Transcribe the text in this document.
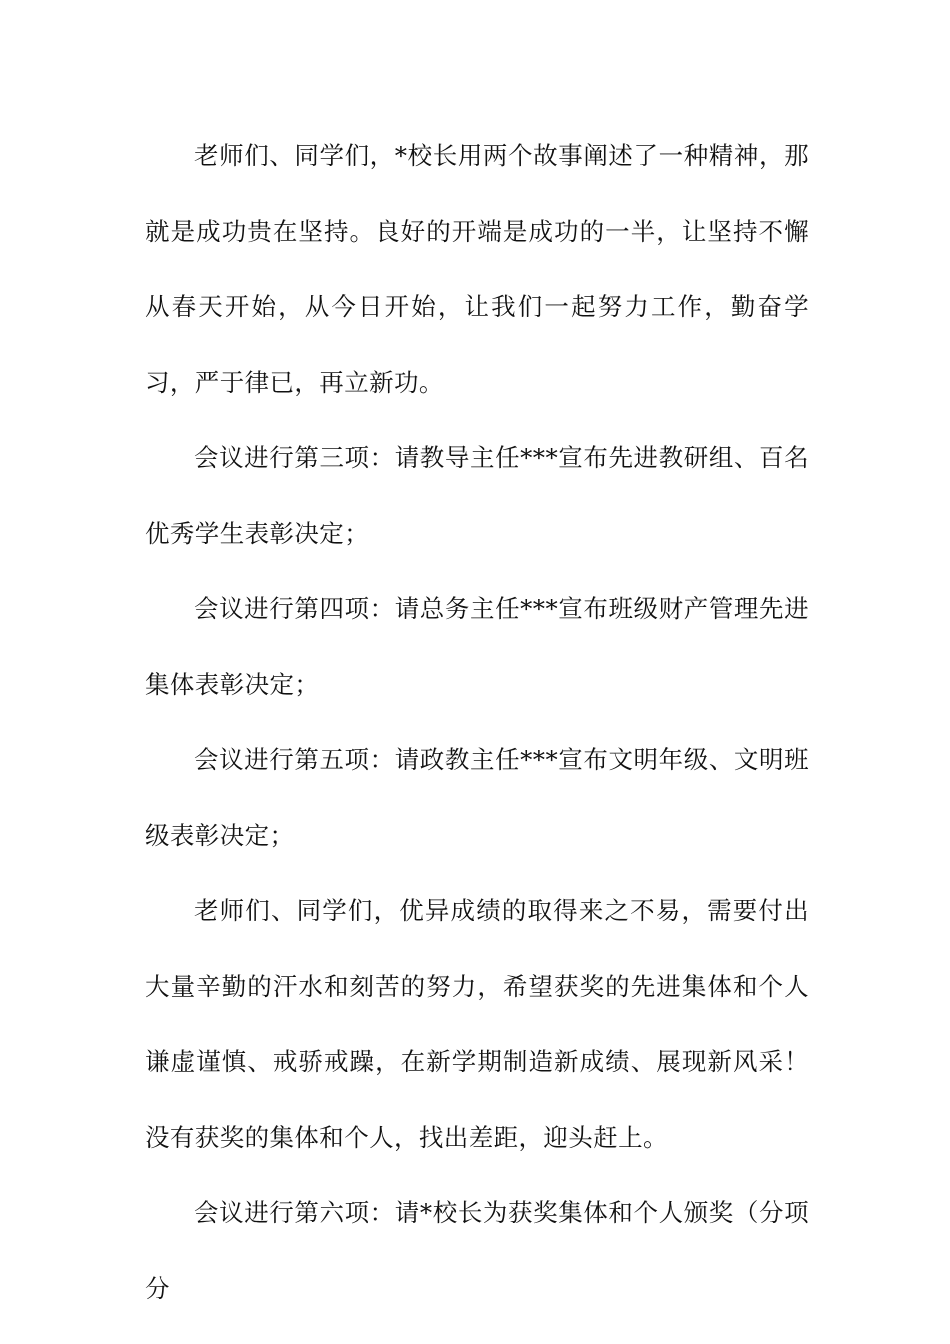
老师们、同学们，*校长用两个故事阐述了一种精神，那就是成功贵在坚持。良好的开端是成功的一半，让坚持不懈从春天开始，从今日开始，让我们一起努力工作，勤奋学习，严于律已，再立新功。

会议进行第三项：请教导主任***宣布先进教研组、百名优秀学生表彰决定；

会议进行第四项：请总务主任***宣布班级财产管理先进集体表彰决定；

会议进行第五项：请政教主任***宣布文明年级、文明班级表彰决定；

老师们、同学们，优异成绩的取得来之不易，需要付出大量辛勤的汗水和刻苦的努力，希望获奖的先进集体和个人谦虚谨慎、戒骄戒躁，在新学期制造新成绩、展现新风采！没有获奖的集体和个人，找出差距，迎头赶上。

会议进行第六项：请*校长为获奖集体和个人颁奖（分项分
